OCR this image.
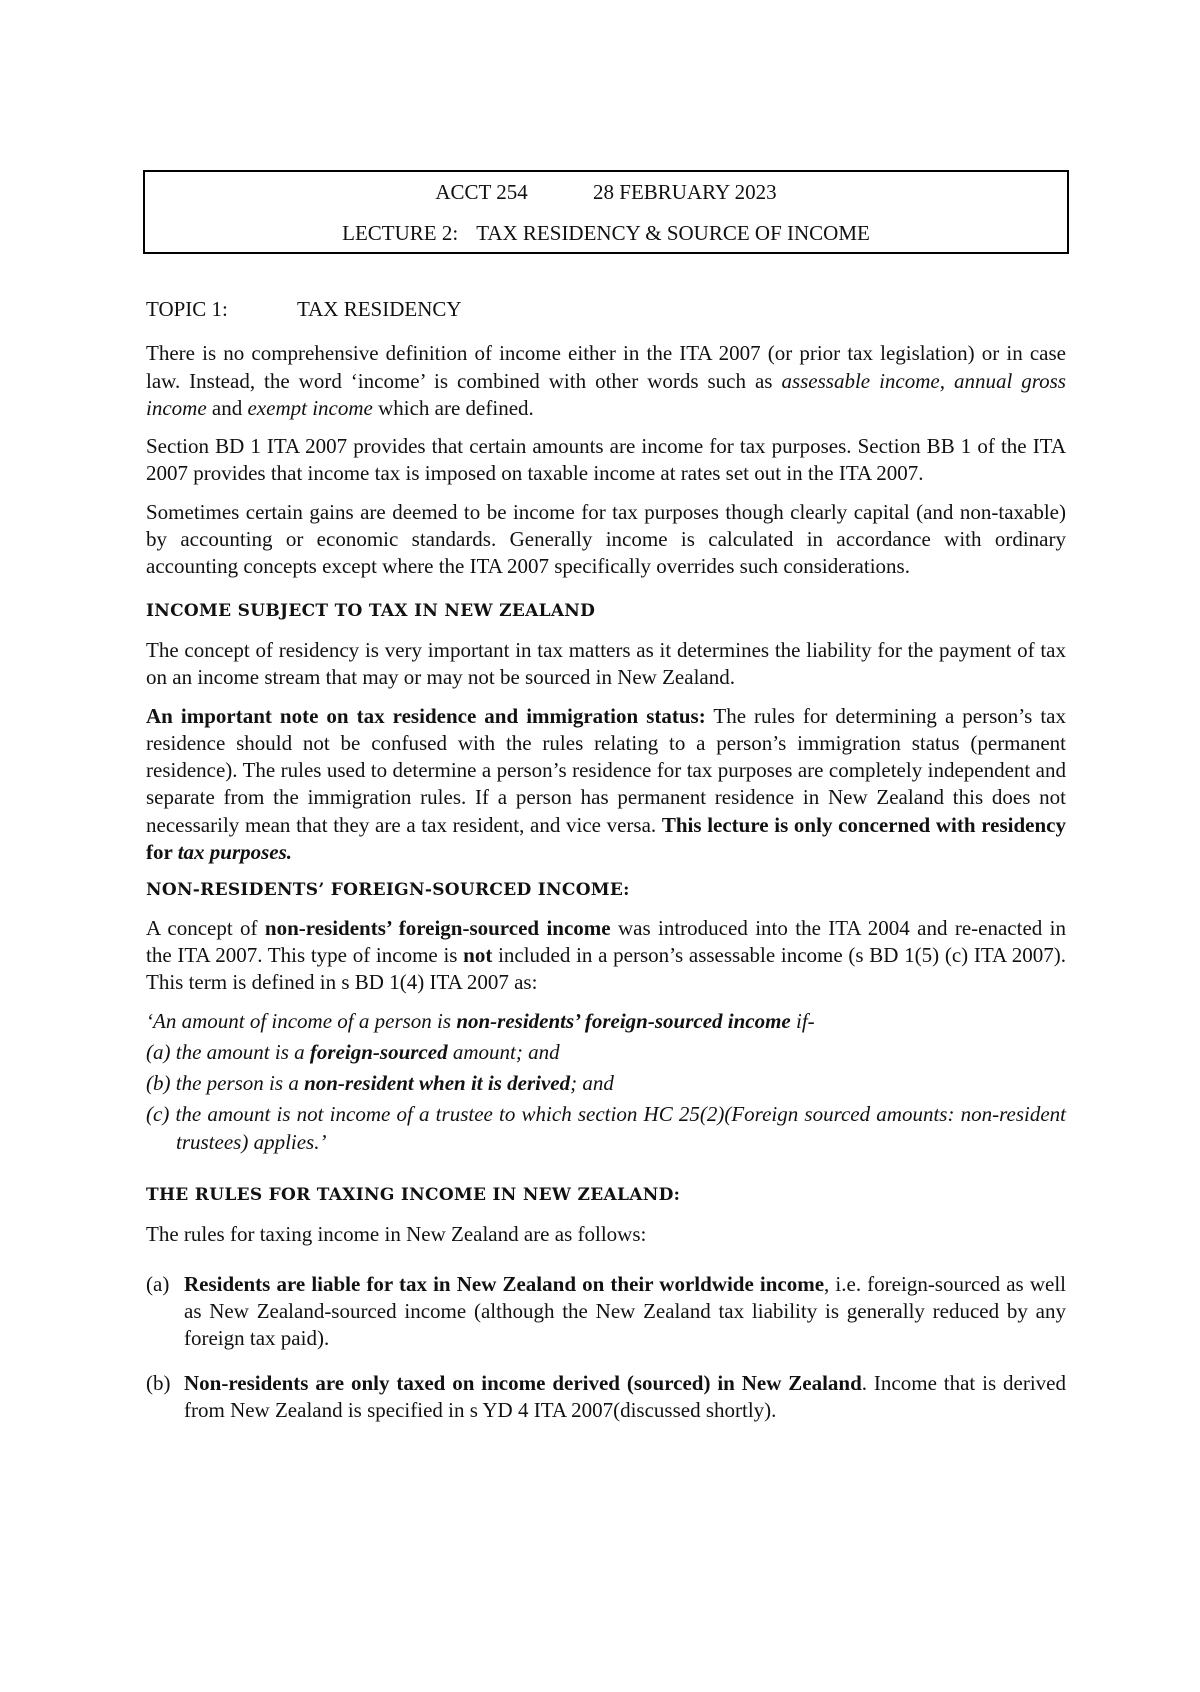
ACCT 254	28 FEBRUARY 2023
LECTURE 2: TAX RESIDENCY & SOURCE OF INCOME
TOPIC 1:	TAX RESIDENCY

There is no comprehensive definition of income either in the ITA 2007 (or prior tax legislation) or in case law. Instead, the word ‘income’ is combined with other words such as assessable income, annual gross income and exempt income which are defined.

Section BD 1 ITA 2007 provides that certain amounts are income for tax purposes. Section BB 1 of the ITA 2007 provides that income tax is imposed on taxable income at rates set out in the ITA 2007.

Sometimes certain gains are deemed to be income for tax purposes though clearly capital (and non-taxable) by accounting or economic standards. Generally income is calculated in accordance with ordinary accounting concepts except where the ITA 2007 specifically overrides such considerations.

INCOME SUBJECT TO TAX IN NEW ZEALAND

The concept of residency is very important in tax matters as it determines the liability for the payment of tax on an income stream that may or may not be sourced in New Zealand.

An important note on tax residence and immigration status: The rules for determining a person’s tax residence should not be confused with the rules relating to a person’s immigration status (permanent residence). The rules used to determine a person’s residence for tax purposes are completely independent and separate from the immigration rules. If a person has permanent residence in New Zealand this does not necessarily mean that they are a tax resident, and vice versa. This lecture is only concerned with residency for tax purposes.

NON-RESIDENTS’ FOREIGN-SOURCED INCOME:

A concept of non-residents’ foreign-sourced income was introduced into the ITA 2004 and re-enacted in the ITA 2007. This type of income is not included in a person’s assessable income (s BD 1(5) (c) ITA 2007). This term is defined in s BD 1(4) ITA 2007 as:

‘An amount of income of a person is non-residents’ foreign-sourced income if-
(a) the amount is a foreign-sourced amount; and
(b) the person is a non-resident when it is derived; and
(c) the amount is not income of a trustee to which section HC 25(2)(Foreign sourced amounts: non-resident trustees) applies.’
THE RULES FOR TAXING INCOME IN NEW ZEALAND:

The rules for taxing income in New Zealand are as follows:

(a) Residents are liable for tax in New Zealand on their worldwide income, i.e. foreign-sourced as well as New Zealand-sourced income (although the New Zealand tax liability is generally reduced by any foreign tax paid).
(b) Non-residents are only taxed on income derived (sourced) in New Zealand. Income that is derived from New Zealand is specified in s YD 4 ITA 2007(discussed shortly).
